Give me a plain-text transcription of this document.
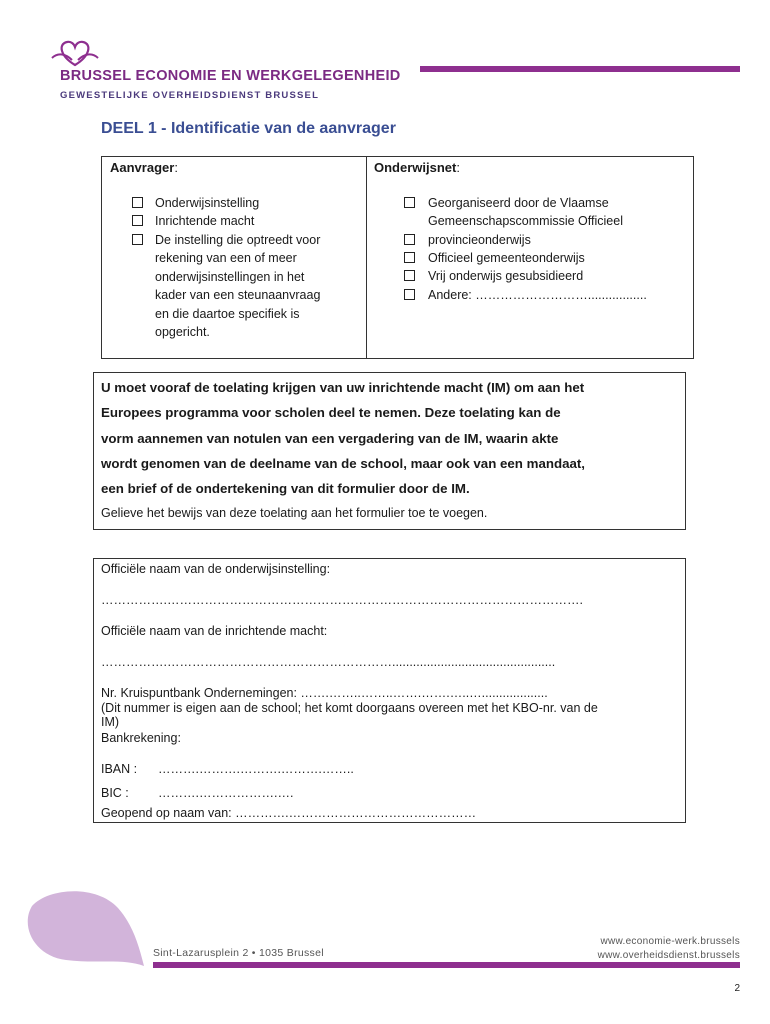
BRUSSEL ECONOMIE EN WERKGELEGENHEID
GEWESTELIJKE OVERHEIDSDIENST BRUSSEL
DEEL 1 - Identificatie van de aanvrager
Aanvrager:	Onderwijsnet:
Onderwijsinstelling
Inrichtende macht
De instelling die optreedt voor
rekening van een of meer
onderwijsinstellingen in het
kader van een steunaanvraag
en die daartoe specifiek is
opgericht.
Georganiseerd door de Vlaamse
Gemeenschapscommissie Officieel
provincieonderwijs
Officieel gemeenteonderwijs
Vrij onderwijs gesubsidieerd
Andere: ……………………….................
U moet vooraf de toelating krijgen van uw inrichtende macht (IM) om aan het
Europees programma voor scholen deel te nemen. Deze toelating kan de
vorm aannemen van notulen van een vergadering van de IM, waarin akte
wordt genomen van de deelname van de school, maar ook van een mandaat,
een brief of de ondertekening van dit formulier door de IM.
Gelieve het bewijs van deze toelating aan het formulier toe te voegen.
Officiële naam van de onderwijsinstelling:
…………….……………………………………………………………………………………….
Officiële naam van de inrichtende macht:
…………….………………………………………………...............................................
Nr. Kruispuntbank Ondernemingen: …….……..……..…….…….…..…...................
(Dit nummer is eigen aan de school; het komt doorgaans overeen met het KBO-nr. van de
IM)
Bankrekening:
IBAN : ……….……….……….……….……..
BIC : ……….……………….….
Geopend op naam van: ………….………………………………………
Sint-Lazarusplein 2 • 1035 Brussel
www.economie-werk.brussels
www.overheidsdienst.brussels
2
